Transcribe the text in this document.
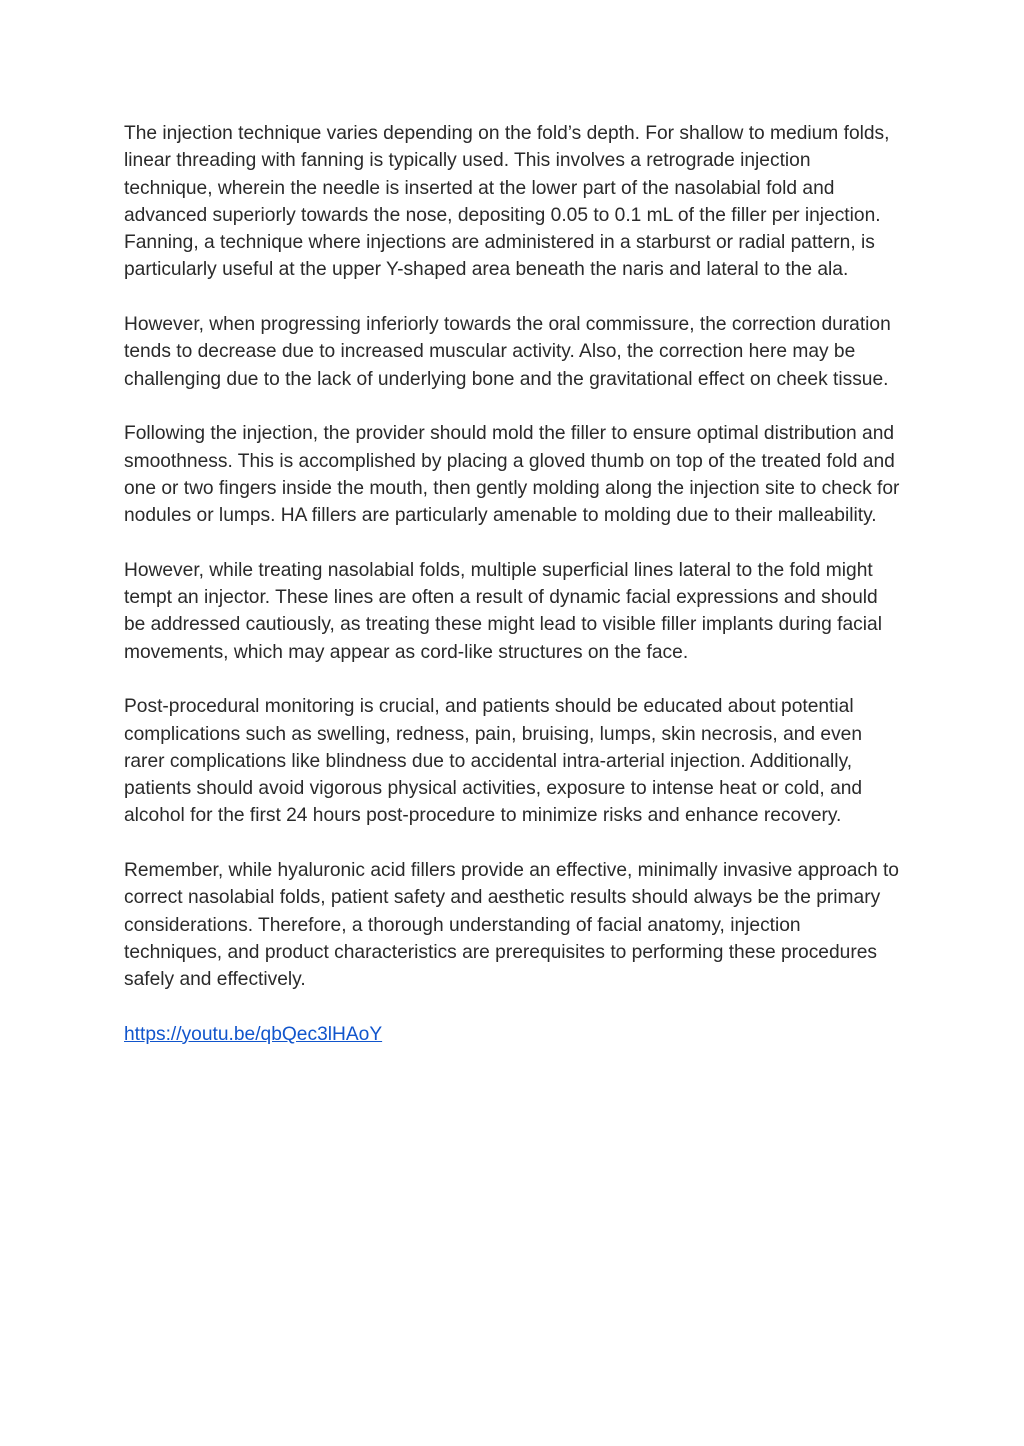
The injection technique varies depending on the fold’s depth. For shallow to medium folds, linear threading with fanning is typically used. This involves a retrograde injection technique, wherein the needle is inserted at the lower part of the nasolabial fold and advanced superiorly towards the nose, depositing 0.05 to 0.1 mL of the filler per injection. Fanning, a technique where injections are administered in a starburst or radial pattern, is particularly useful at the upper Y-shaped area beneath the naris and lateral to the ala.

However, when progressing inferiorly towards the oral commissure, the correction duration tends to decrease due to increased muscular activity. Also, the correction here may be challenging due to the lack of underlying bone and the gravitational effect on cheek tissue.

Following the injection, the provider should mold the filler to ensure optimal distribution and smoothness. This is accomplished by placing a gloved thumb on top of the treated fold and one or two fingers inside the mouth, then gently molding along the injection site to check for nodules or lumps. HA fillers are particularly amenable to molding due to their malleability.

However, while treating nasolabial folds, multiple superficial lines lateral to the fold might tempt an injector. These lines are often a result of dynamic facial expressions and should be addressed cautiously, as treating these might lead to visible filler implants during facial movements, which may appear as cord-like structures on the face.

Post-procedural monitoring is crucial, and patients should be educated about potential complications such as swelling, redness, pain, bruising, lumps, skin necrosis, and even rarer complications like blindness due to accidental intra-arterial injection. Additionally, patients should avoid vigorous physical activities, exposure to intense heat or cold, and alcohol for the first 24 hours post-procedure to minimize risks and enhance recovery.

Remember, while hyaluronic acid fillers provide an effective, minimally invasive approach to correct nasolabial folds, patient safety and aesthetic results should always be the primary considerations. Therefore, a thorough understanding of facial anatomy, injection techniques, and product characteristics are prerequisites to performing these procedures safely and effectively.

https://youtu.be/qbQec3lHAoY
